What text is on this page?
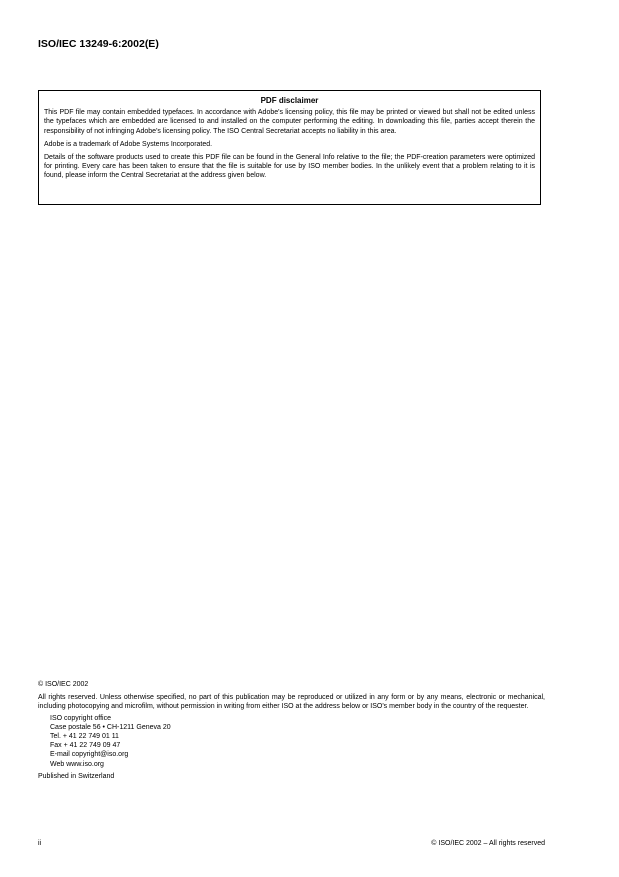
ISO/IEC 13249-6:2002(E)
PDF disclaimer

This PDF file may contain embedded typefaces. In accordance with Adobe's licensing policy, this file may be printed or viewed but shall not be edited unless the typefaces which are embedded are licensed to and installed on the computer performing the editing. In downloading this file, parties accept therein the responsibility of not infringing Adobe's licensing policy. The ISO Central Secretariat accepts no liability in this area.

Adobe is a trademark of Adobe Systems Incorporated.

Details of the software products used to create this PDF file can be found in the General Info relative to the file; the PDF-creation parameters were optimized for printing. Every care has been taken to ensure that the file is suitable for use by ISO member bodies. In the unlikely event that a problem relating to it is found, please inform the Central Secretariat at the address given below.

© ISO/IEC 2002

All rights reserved. Unless otherwise specified, no part of this publication may be reproduced or utilized in any form or by any means, electronic or mechanical, including photocopying and microfilm, without permission in writing from either ISO at the address below or ISO's member body in the country of the requester.

ISO copyright office
Case postale 56 • CH-1211 Geneva 20
Tel. + 41 22 749 01 11
Fax + 41 22 749 09 47
E-mail copyright@iso.org
Web www.iso.org

Published in Switzerland

ii	© ISO/IEC 2002 – All rights reserved
